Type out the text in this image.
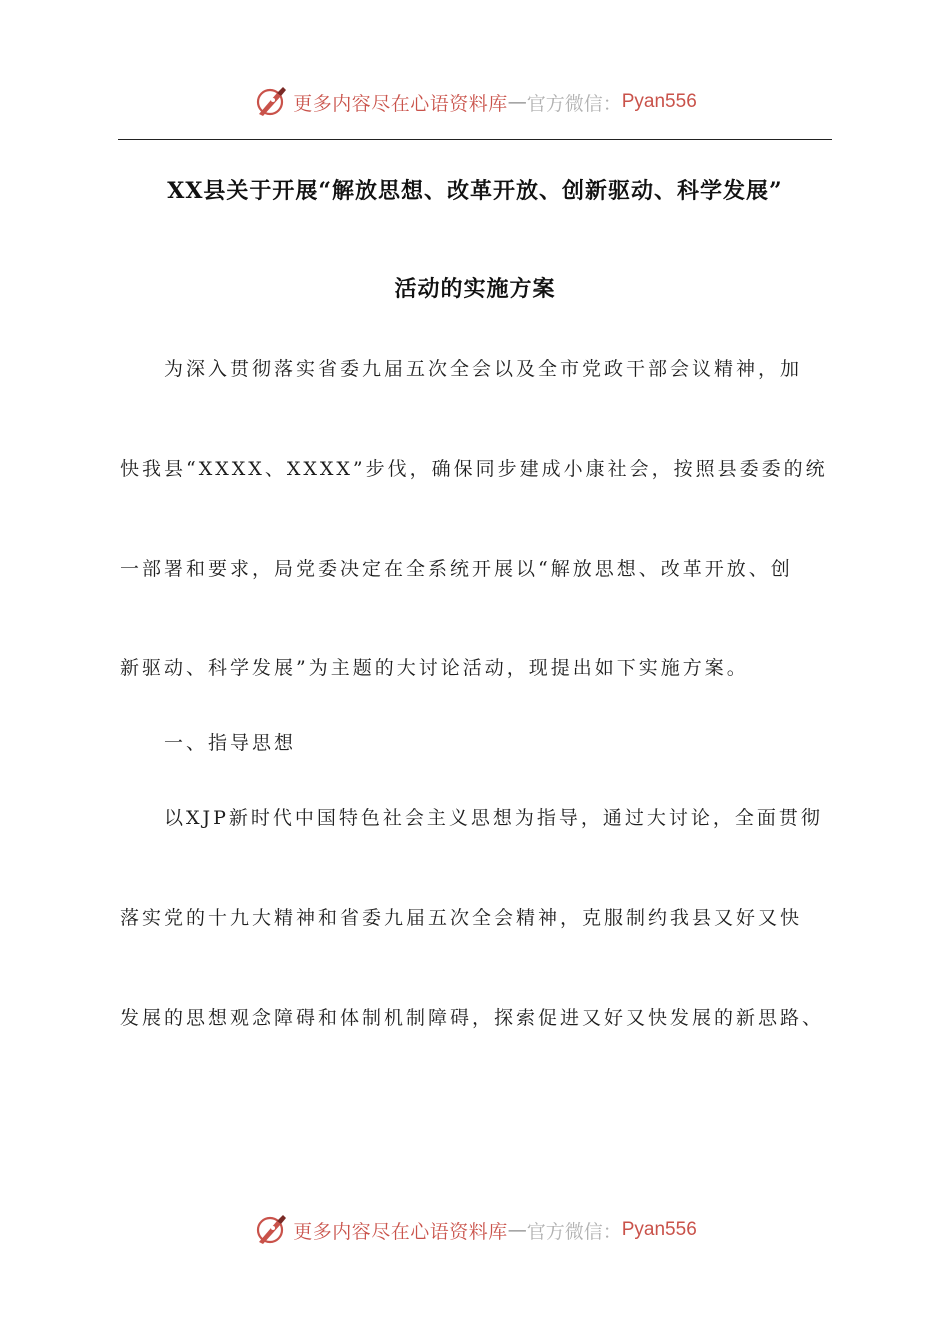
更多内容尽在心语资料库 — 官方微信： Pyan556
XX县关于开展“解放思想、改革开放、创新驱动、科学发展”
活动的实施方案
为深入贯彻落实省委九届五次全会以及全市党政干部会议精神，加
快我县“XXXX、XXXX”步伐，确保同步建成小康社会，按照县委委的统
一部署和要求，局党委决定在全系统开展以“解放思想、改革开放、创
新驱动、科学发展”为主题的大讨论活动，现提出如下实施方案。
一、指导思想
以XJP新时代中国特色社会主义思想为指导，通过大讨论，全面贯彻
落实党的十九大精神和省委九届五次全会精神，克服制约我县又好又快
发展的思想观念障碍和体制机制障碍，探索促进又好又快发展的新思路、
更多内容尽在心语资料库 — 官方微信： Pyan556
